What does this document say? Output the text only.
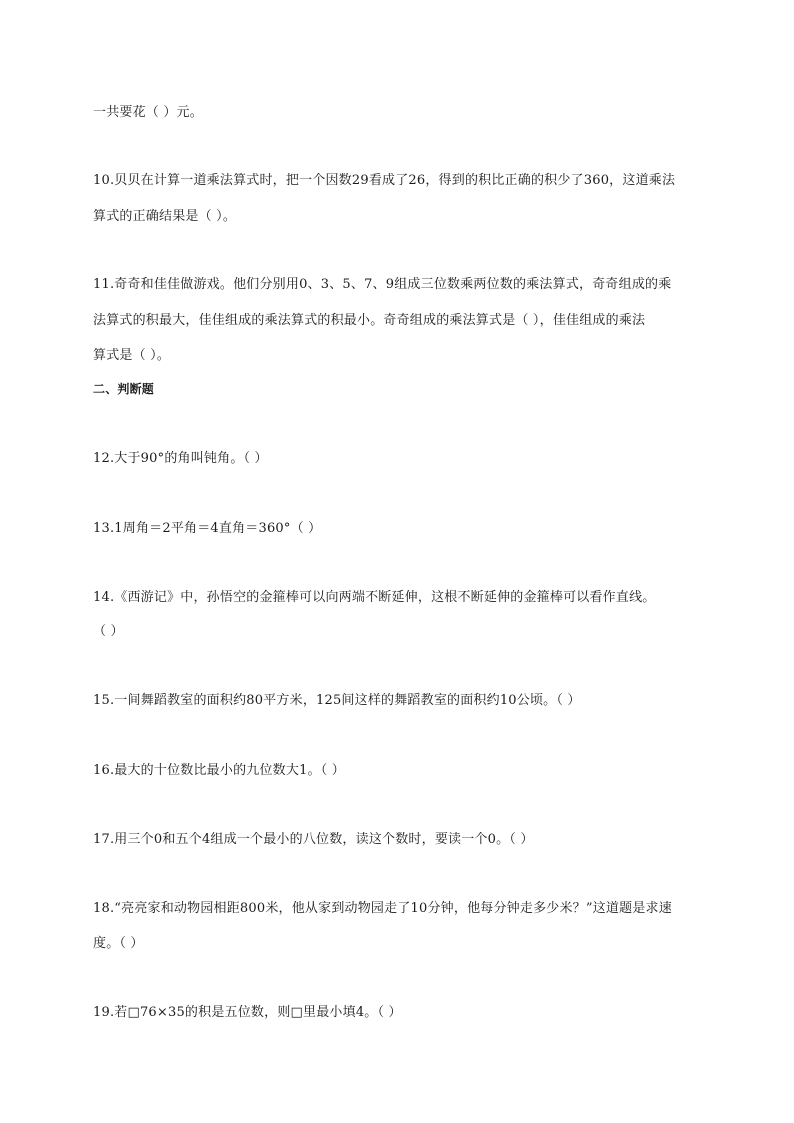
一共要花（ ）元。
10.贝贝在计算一道乘法算式时，把一个因数29看成了26，得到的积比正确的积少了360，这道乘法
算式的正确结果是（ ）。
11.奇奇和佳佳做游戏。他们分别用0、3、5、7、9组成三位数乘两位数的乘法算式，奇奇组成的乘
法算式的积最大，佳佳组成的乘法算式的积最小。奇奇组成的乘法算式是（ ），佳佳组成的乘法
算式是（ ）。
二、判断题
12.大于90°的角叫钝角。（ ）
13.1周角＝2平角＝4直角＝360°（ ）
14.《西游记》中，孙悟空的金箍棒可以向两端不断延伸，这根不断延伸的金箍棒可以看作直线。
（ ）
15.一间舞蹈教室的面积约80平方米，125间这样的舞蹈教室的面积约10公顷。（ ）
16.最大的十位数比最小的九位数大1。（ ）
17.用三个0和五个4组成一个最小的八位数，读这个数时，要读一个0。（ ）
18.“亮亮家和动物园相距800米，他从家到动物园走了10分钟，他每分钟走多少米？”这道题是求速
度。（ ）
19.若□76×35的积是五位数，则□里最小填4。（ ）
